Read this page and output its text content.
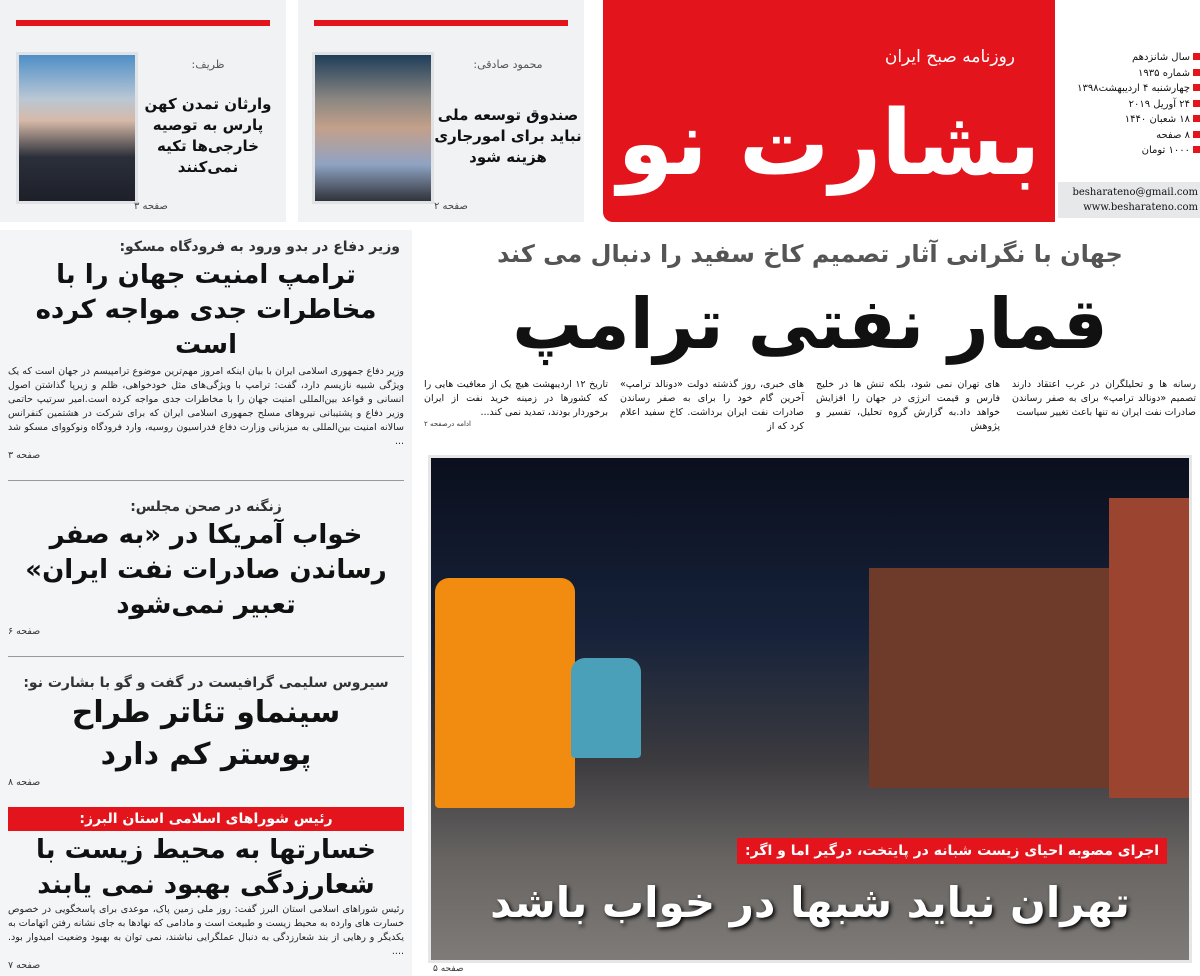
ظریف:
وارثان تمدن کهن پارس به توصیه خارجی‌ها تکیه نمی‌کنند
صفحه ۳
محمود صادقی:
صندوق توسعه ملی نباید برای امورجاری هزینه شود
صفحه ۲
روزنامه صبح ایران
بشارت نو
سال شانزدهم
شماره ۱۹۳۵
چهارشنبه ۴ اردیبهشت۱۳۹۸
۲۴ آوریل ۲۰۱۹
۱۸ شعبان ۱۴۴۰
۸ صفحه
۱۰۰۰ تومان
besharateno@gmail.com
www.besharateno.com
وزیر دفاع در بدو ورود به فرودگاه مسکو:
ترامپ امنیت جهان را با مخاطرات جدی مواجه کرده است
وزیر دفاع جمهوری اسلامی ایران با بیان اینکه امروز مهم‌ترین موضوع ترامپیسم در جهان است که یک ویژگی شبیه نازیسم دارد، گفت: ترامپ با ویژگی‌های مثل خودخواهی، ظلم و زیرپا گذاشتن اصول انسانی و قواعد بین‌المللی امنیت جهان را با مخاطرات جدی مواجه کرده است.امیر سرتیپ حاتمی وزیر دفاع و پشتیبانی نیروهای مسلح جمهوری اسلامی ایران که برای شرکت در هشتمین کنفرانس سالانه امنیت بین‌المللی به میزبانی وزارت دفاع فدراسیون روسیه، وارد فرودگاه ونوکووای مسکو شد ...
صفحه ۳
زنگنه در صحن مجلس:
خواب آمریکا در «به صفر رساندن صادرات نفت ایران» تعبیر نمی‌شود
صفحه ۶
سیروس سلیمی گرافیست در گفت و گو با بشارت نو:
سینماو تئاتر طراح پوستر کم دارد
صفحه ۸
رئیس شوراهای اسلامی استان البرز:
خسارتها به محیط زیست با شعارزدگی بهبود نمی یابند
رئیس شوراهای اسلامی استان البرز گفت: روز ملی زمین پاک، موعدی برای پاسخگویی در خصوص خسارت های وارده به محیط زیست و طبیعت است و مادامی که نهادها به جای نشانه رفتن اتهامات به یکدیگر و رهایی از بند شعارزدگی به دنبال عملگرایی نباشند، نمی توان به بهبود وضعیت امیدوار بود. ....
صفحه ۷
جهان با نگرانی آثار تصمیم کاخ سفید را دنبال می کند
قمار نفتی ترامپ
رسانه ها و تحلیلگران در غرب اعتقاد دارند تصمیم «دونالد ترامپ» برای به صفر رساندن صادرات نفت ایران نه تنها باعث تغییر سیاست
های تهران نمی شود، بلکه تنش ها در خلیج فارس و قیمت انرژی در جهان را افزایش خواهد داد.به گزارش گروه تحلیل، تفسیر و پژوهش
های خبری، روز گذشته دولت «دونالد ترامپ» آخرین گام خود را برای به صفر رساندن صادرات نفت ایران برداشت. کاخ سفید اعلام کرد که از
تاریخ ۱۲ اردیبهشت هیچ یک از معافیت هایی را که کشورها در زمینه خرید نفت از ایران برخوردار بودند، تمدید نمی کند...
ادامه درصفحه ۲
اجرای مصوبه احیای زیست شبانه در پایتخت، درگیر اما و اگر:
تهران نباید شبها در خواب باشد
صفحه ۵
